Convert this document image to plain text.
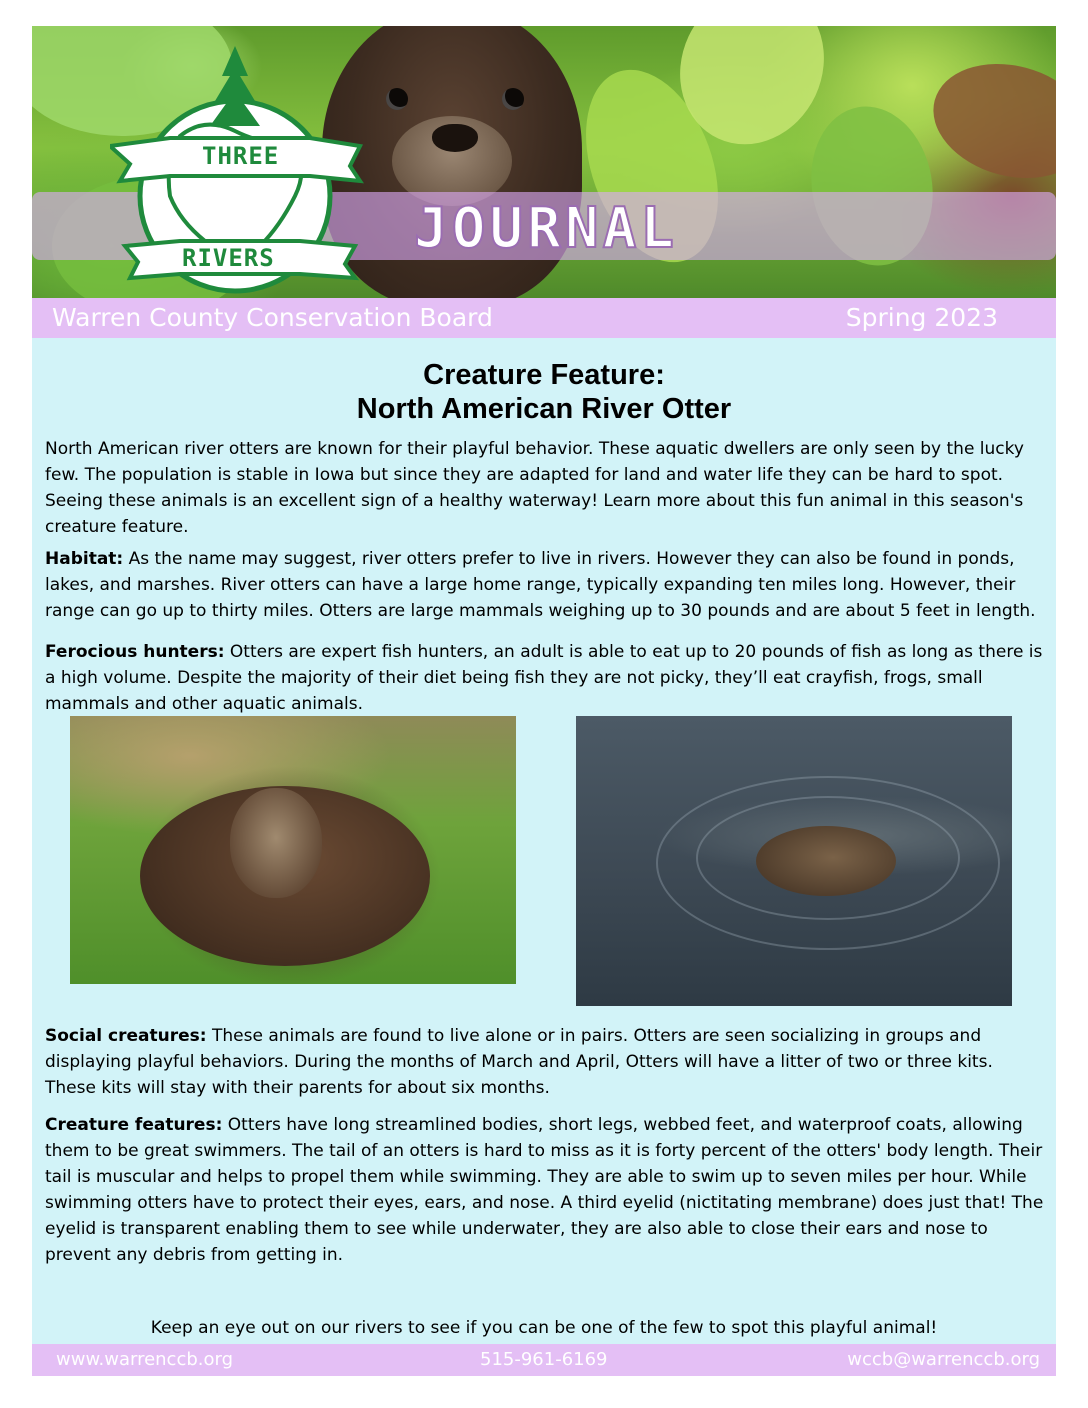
JOURNAL
THREE
RIVERS
Warren County Conservation Board	Spring 2023
Creature Feature:
North American River Otter

North American river otters are known for their playful behavior. These aquatic dwellers are only seen by the lucky few. The population is stable in Iowa but since they are adapted for land and water life they can be hard to spot. Seeing these animals is an excellent sign of a healthy waterway! Learn more about this fun animal in this season's creature feature.

Habitat: As the name may suggest, river otters prefer to live in rivers. However they can also be found in ponds, lakes, and marshes. River otters can have a large home range, typically expanding ten miles long. However, their range can go up to thirty miles. Otters are large mammals weighing up to 30 pounds and are about 5 feet in length.

Ferocious hunters: Otters are expert fish hunters, an adult is able to eat up to 20 pounds of fish as long as there is a high volume. Despite the majority of their diet being fish they are not picky, they’ll eat crayfish, frogs, small mammals and other aquatic animals.

Social creatures: These animals are found to live alone or in pairs. Otters are seen socializing in groups and displaying playful behaviors. During the months of March and April, Otters will have a litter of two or three kits. These kits will stay with their parents for about six months.

Creature features: Otters have long streamlined bodies, short legs, webbed feet, and waterproof coats, allowing them to be great swimmers. The tail of an otters is hard to miss as it is forty percent of the otters' body length. Their tail is muscular and helps to propel them while swimming. They are able to swim up to seven miles per hour. While swimming otters have to protect their eyes, ears, and nose. A third eyelid (nictitating membrane) does just that! The eyelid is transparent enabling them to see while underwater, they are also able to close their ears and nose to prevent any debris from getting in.

Keep an eye out on our rivers to see if you can be one of the few to spot this playful animal!
www.warrenccb.org	515-961-6169	wccb@warrenccb.org
